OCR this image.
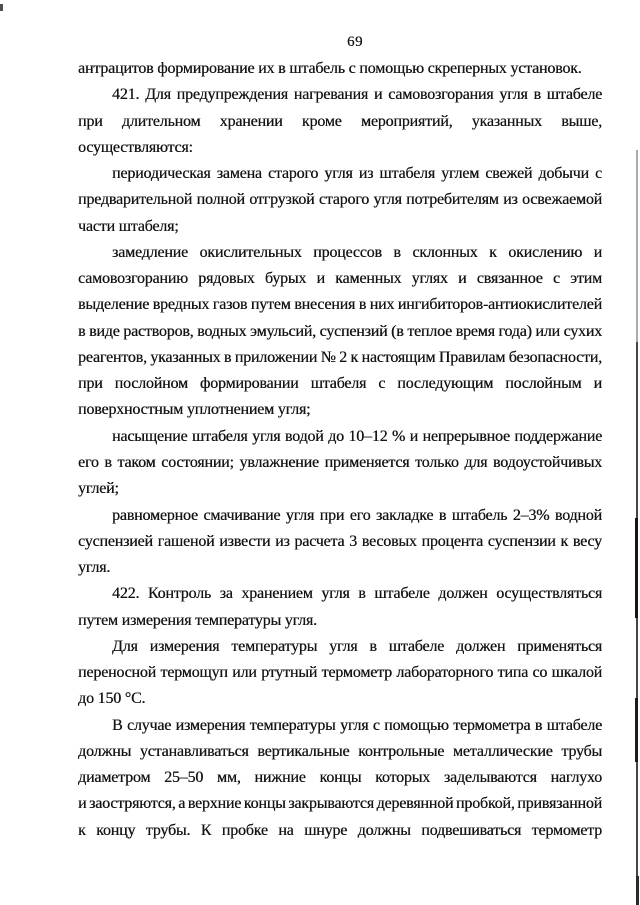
69
антрацитов формирование их в штабель с помощью скреперных установок.
421. Для предупреждения нагревания и самовозгорания угля в штабеле
при длительном хранении кроме мероприятий, указанных выше,
осуществляются:
периодическая замена старого угля из штабеля углем свежей добычи с
предварительной полной отгрузкой старого угля потребителям из освежаемой
части штабеля;
замедление окислительных процессов в склонных к окислению и
самовозгоранию рядовых бурых и каменных углях и связанное с этим
выделение вредных газов путем внесения в них ингибиторов-антиокислителей
в виде растворов, водных эмульсий, суспензий (в теплое время года) или сухих
реагентов, указанных в приложении № 2 к настоящим Правилам безопасности,
при послойном формировании штабеля с последующим послойным и
поверхностным уплотнением угля;
насыщение штабеля угля водой до 10–12 % и непрерывное поддержание
его в таком состоянии; увлажнение применяется только для водоустойчивых
углей;
равномерное смачивание угля при его закладке в штабель 2–3% водной
суспензией гашеной извести из расчета 3 весовых процента суспензии к весу
угля.
422. Контроль за хранением угля в штабеле должен осуществляться
путем измерения температуры угля.
Для измерения температуры угля в штабеле должен применяться
переносной термощуп или ртутный термометр лабораторного типа со шкалой
до 150 °С.
В случае измерения температуры угля с помощью термометра в штабеле
должны устанавливаться вертикальные контрольные металлические трубы
диаметром 25–50 мм, нижние концы которых заделываются наглухо
и заостряются, а верхние концы закрываются деревянной пробкой, привязанной
к концу трубы. К пробке на шнуре должны подвешиваться термометр
